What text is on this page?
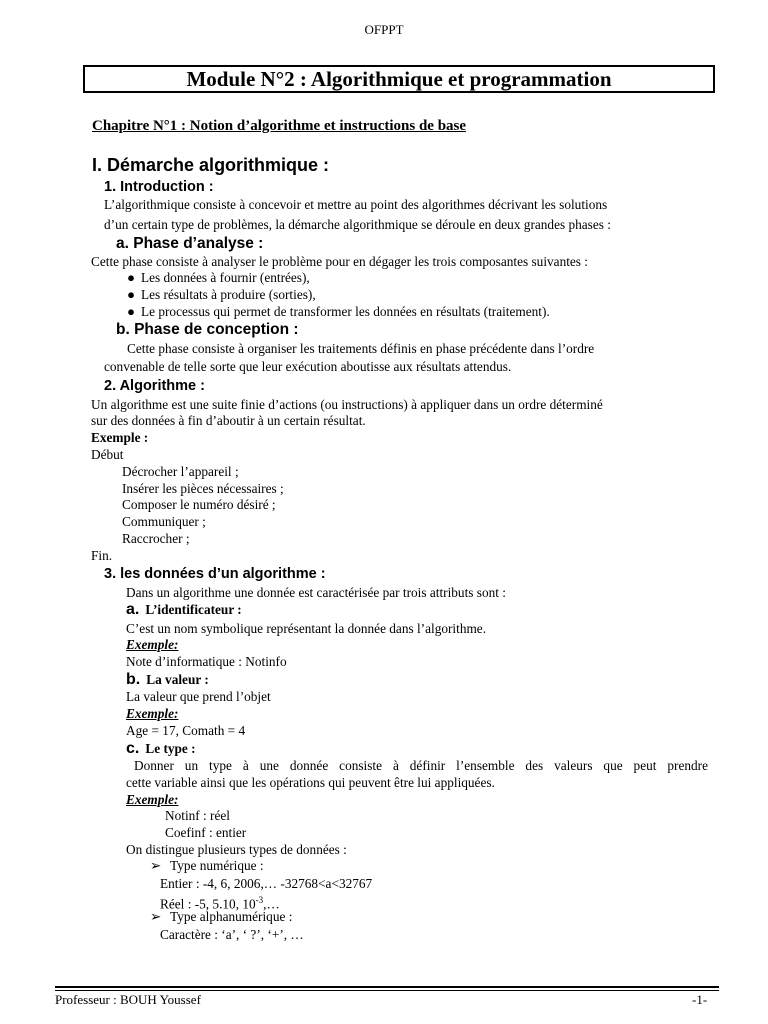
OFPPT
Module N°2 : Algorithmique et programmation
Chapitre N°1 : Notion d’algorithme et instructions de base
I. Démarche algorithmique :
1. Introduction :
L’algorithmique consiste à concevoir et mettre au point des algorithmes décrivant les solutions
d’un certain type de problèmes, la démarche algorithmique se déroule en deux grandes phases :
a. Phase d’analyse :
Cette phase consiste à analyser le problème pour en dégager les trois composantes suivantes :
● Les données à fournir (entrées),
● Les résultats à produire (sorties),
● Le processus qui permet de transformer les données en résultats (traitement).
b. Phase de conception :
Cette phase consiste à organiser les traitements définis en phase précédente dans l’ordre
convenable de telle sorte que leur exécution aboutisse aux résultats attendus.
2. Algorithme :
Un algorithme est une suite finie d’actions (ou instructions) à appliquer dans un ordre déterminé
sur des données à fin d’aboutir à un certain résultat.
Exemple :
Début
Décrocher l’appareil ;
Insérer les pièces nécessaires ;
Composer le numéro désiré ;
Communiquer ;
Raccrocher ;
Fin.
3. les données d’un algorithme :
Dans un algorithme une donnée est caractérisée par trois attributs sont :
a. L’identificateur :
C’est un nom symbolique représentant la donnée dans l’algorithme.
Exemple:
Note d’informatique : Notinfo
b. La valeur :
La valeur que prend l’objet
Exemple:
Age = 17, Comath = 4
c. Le type :
Donner un type à une donnée consiste à définir l’ensemble des valeurs que peut prendre
cette variable ainsi que les opérations qui peuvent être lui appliquées.
Exemple:
Notinf : réel
Coefinf : entier
On distingue plusieurs types de données :
➢ Type numérique :
Entier : -4, 6, 2006,… -32768<a<32767
Réel : -5, 5.10, $10^{-3},\dots$
➢ Type alphanumérique :
Caractère : ‘a’, ‘ ?’, ‘+’, …
Professeur : BOUH Youssef	-1-
